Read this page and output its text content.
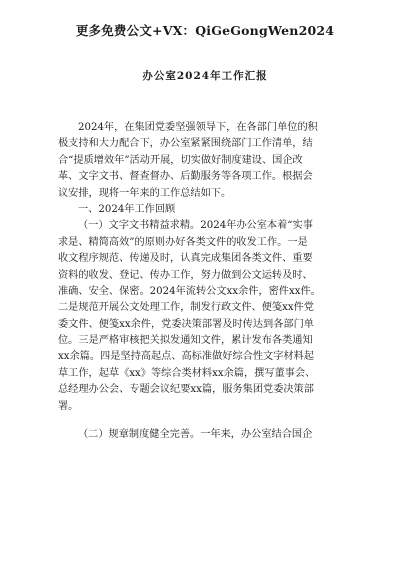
更多免费公文+VX：QiGeGongWen2024
办公室2024年工作汇报
2024年，在集团党委坚强领导下，在各部门单位的积
极支持和大力配合下，办公室紧紧围绕部门工作清单，结
合“提质增效年”活动开展，切实做好制度建设、国企改
革、文字文书、督查督办、后勤服务等各项工作。根据会
议安排，现将一年来的工作总结如下。
一、2024年工作回顾
（一）文字文书精益求精。2024年办公室本着“实事
求是、精简高效”的原则办好各类文件的收发工作。一是
收文程序规范、传递及时，认真完成集团各类文件、重要
资料的收发、登记、传办工作，努力做到公文运转及时、
准确、安全、保密。2024年流转公文xx余件，密件xx件。
二是规范开展公文处理工作，制发行政文件、便笺xx件党
委文件、便笺xx余件，党委决策部署及时传达到各部门单
位。三是严格审核把关拟发通知文件，累计发布各类通知
xx余篇。四是坚持高起点、高标准做好综合性文字材料起
草工作，起草《xx》等综合类材料xx余篇，撰写董事会、
总经理办公会、专题会议纪要xx篇，服务集团党委决策部
署。
（二）规章制度健全完善。一年来，办公室结合国企
